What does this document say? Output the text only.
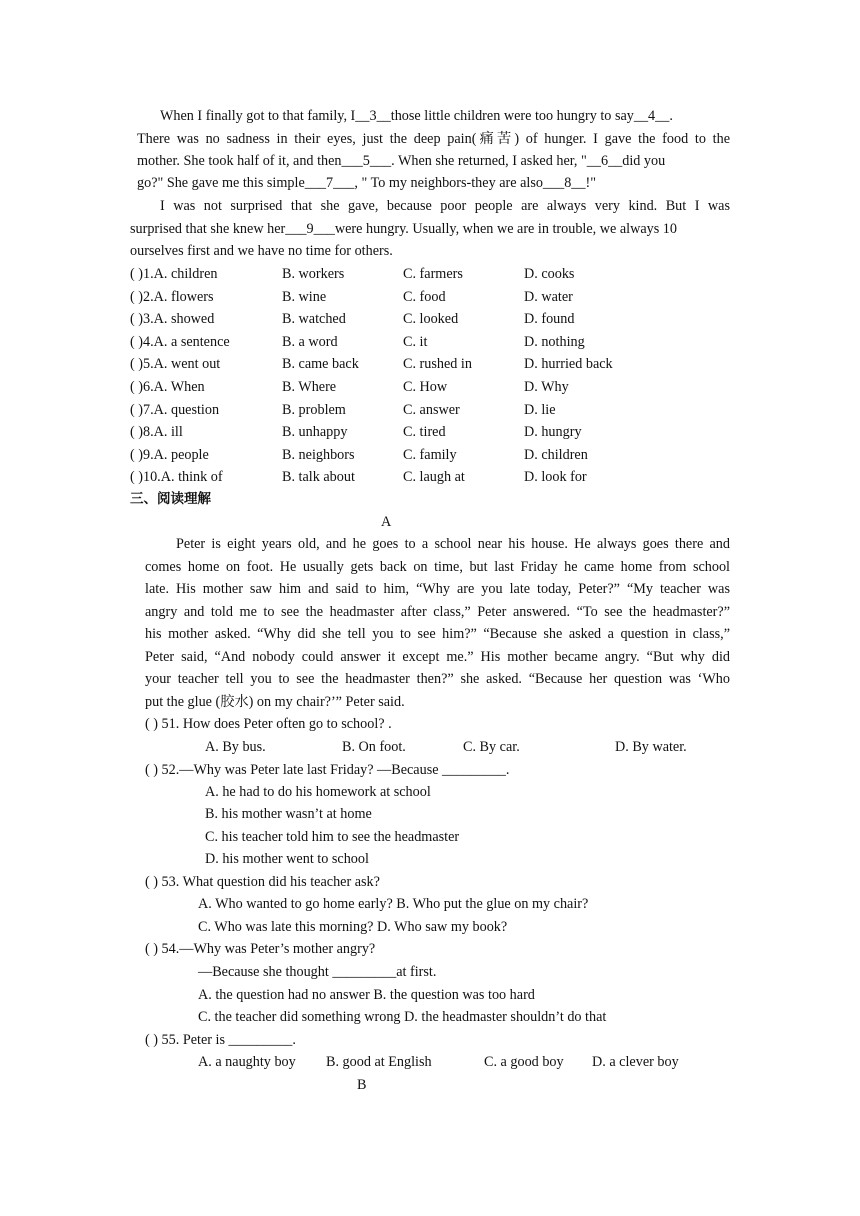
When I finally got to that family, I__3__those little children were too hungry to say__4__.
There was no sadness in their eyes, just the deep pain(痛苦) of hunger. I gave the food to the
mother. She took half of it, and then___5___. When she returned, I asked her, "__6__did you
go?" She gave me this simple___7___, " To my neighbors-they are also___8__!"
I was not surprised that she gave, because poor people are always very kind. But I was
surprised that she knew her___9___were hungry. Usually, when we are in trouble, we always 10
ourselves first and we have no time for others.
( )1.A. children	B. workers	C. farmers	D. cooks
( )2.A. flowers	B. wine	C. food	D. water
( )3.A. showed	B. watched	C. looked	D. found
( )4.A. a sentence	B. a word	C. it	D. nothing
( )5.A. went out	B. came back	C. rushed in	D. hurried back
( )6.A. When	B. Where	C. How	D. Why
( )7.A. question	B. problem	C. answer	D. lie
( )8.A. ill	B. unhappy	C. tired	D. hungry
( )9.A. people	B. neighbors	C. family	D. children
( )10.A. think of	B. talk about	C. laugh at	D. look for
三、阅读理解
A
Peter is eight years old, and he goes to a school near his house. He always goes there and
comes home on foot. He usually gets back on time, but last Friday he came home from school
late. His mother saw him and said to him, “Why are you late today, Peter?” “My teacher was
angry and told me to see the headmaster after class,” Peter answered. “To see the headmaster?”
his mother asked. “Why did she tell you to see him?” “Because she asked a question in class,”
Peter said, “And nobody could answer it except me.” His mother became angry. “But why did
your teacher tell you to see the headmaster then?” she asked. “Because her question was ‘Who
put the glue (胶水) on my chair?’” Peter said.
( ) 51. How does Peter often go to school? .
A. By bus.	B. On foot.	C. By car.	D. By water.
( ) 52.—Why was Peter late last Friday? —Because _________.
A. he had to do his homework at school
B. his mother wasn’t at home
C. his teacher told him to see the headmaster
D. his mother went to school
( ) 53. What question did his teacher ask?
A. Who wanted to go home early? B. Who put the glue on my chair?
C. Who was late this morning? D. Who saw my book?
( ) 54.—Why was Peter’s mother angry?
—Because she thought _________at first.
A. the question had no answer B. the question was too hard
C. the teacher did something wrong D. the headmaster shouldn’t do that
( ) 55. Peter is _________.
A. a naughty boy B. good at English	C. a good boy D. a clever boy
B
